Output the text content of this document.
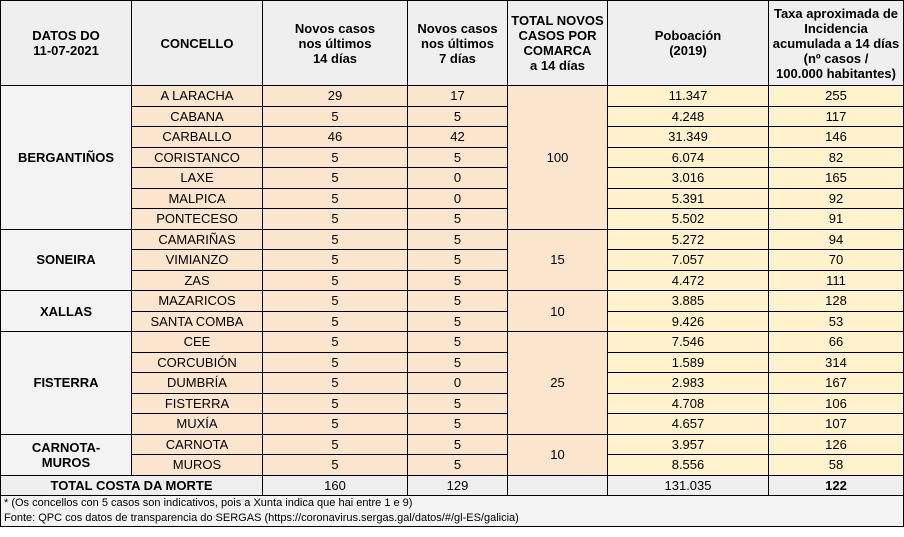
DATOS DO
11-07-2021	CONCELLO	Novos casos
nos últimos
14 días	Novos casos
nos últimos
7 días	TOTAL NOVOS
CASOS POR
COMARCA
a 14 días	Poboación
(2019)	Taxa aproximada de
Incidencia
acumulada a 14 días
(nº casos /
100.000 habitantes)

BERGANTIÑOS	A LARACHA	29	17	100	11.347	255
	CABANA	5	5		4.248	117
	CARBALLO	46	42		31.349	146
	CORISTANCO	5	5		6.074	82
	LAXE	5	0		3.016	165
	MALPICA	5	0		5.391	92
	PONTECESO	5	5		5.502	91

SONEIRA	CAMARIÑAS	5	5	15	5.272	94
	VIMIANZO	5	5		7.057	70
	ZAS	5	5		4.472	111

XALLAS	MAZARICOS	5	5	10	3.885	128
	SANTA COMBA	5	5		9.426	53

FISTERRA	CEE	5	5	25	7.546	66
	CORCUBIÓN	5	5		1.589	314
	DUMBRÍA	5	0		2.983	167
	FISTERRA	5	5		4.708	106
	MUXÍA	5	5		4.657	107

CARNOTA-
MUROS	CARNOTA	5	5	10	3.957	126
	MUROS	5	5		8.556	58
TOTAL COSTA DA MORTE		160	129		131.035	122

* (Os concellos con 5 casos son indicativos, pois a Xunta indica que hai entre 1 e 9)
Fonte: QPC cos datos de transparencia do SERGAS (https://coronavirus.sergas.gal/datos/#/gl-ES/galicia)						
